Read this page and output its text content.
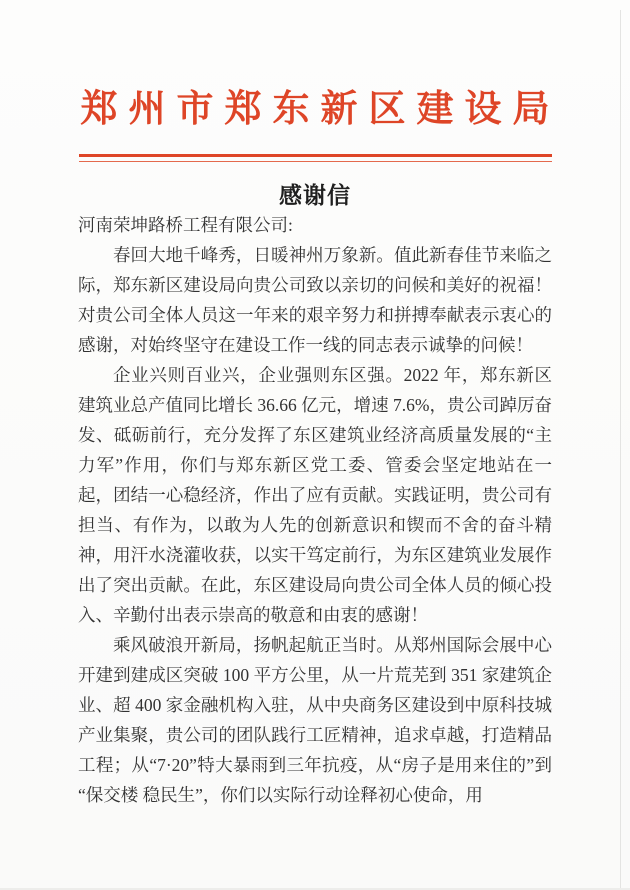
郑州市郑东新区建设局
感谢信

河南荣坤路桥工程有限公司:

春回大地千峰秀，日暖神州万象新。值此新春佳节来临之际，郑东新区建设局向贵公司致以亲切的问候和美好的祝福！对贵公司全体人员这一年来的艰辛努力和拼搏奉献表示衷心的感谢，对始终坚守在建设工作一线的同志表示诚挚的问候！

企业兴则百业兴，企业强则东区强。2022 年，郑东新区建筑业总产值同比增长 36.66 亿元，增速 7.6%，贵公司踔厉奋发、砥砺前行，充分发挥了东区建筑业经济高质量发展的“主力军”作用，你们与郑东新区党工委、管委会坚定地站在一起，团结一心稳经济，作出了应有贡献。实践证明，贵公司有担当、有作为，以敢为人先的创新意识和锲而不舍的奋斗精神，用汗水浇灌收获，以实干笃定前行，为东区建筑业发展作出了突出贡献。在此，东区建设局向贵公司全体人员的倾心投入、辛勤付出表示崇高的敬意和由衷的感谢！

乘风破浪开新局，扬帆起航正当时。从郑州国际会展中心开建到建成区突破 100 平方公里，从一片荒芜到 351 家建筑企业、超 400 家金融机构入驻，从中央商务区建设到中原科技城产业集聚，贵公司的团队践行工匠精神，追求卓越，打造精品工程；从“7·20”特大暴雨到三年抗疫，从“房子是用来住的”到“保交楼 稳民生”，你们以实际行动诠释初心使命，用
